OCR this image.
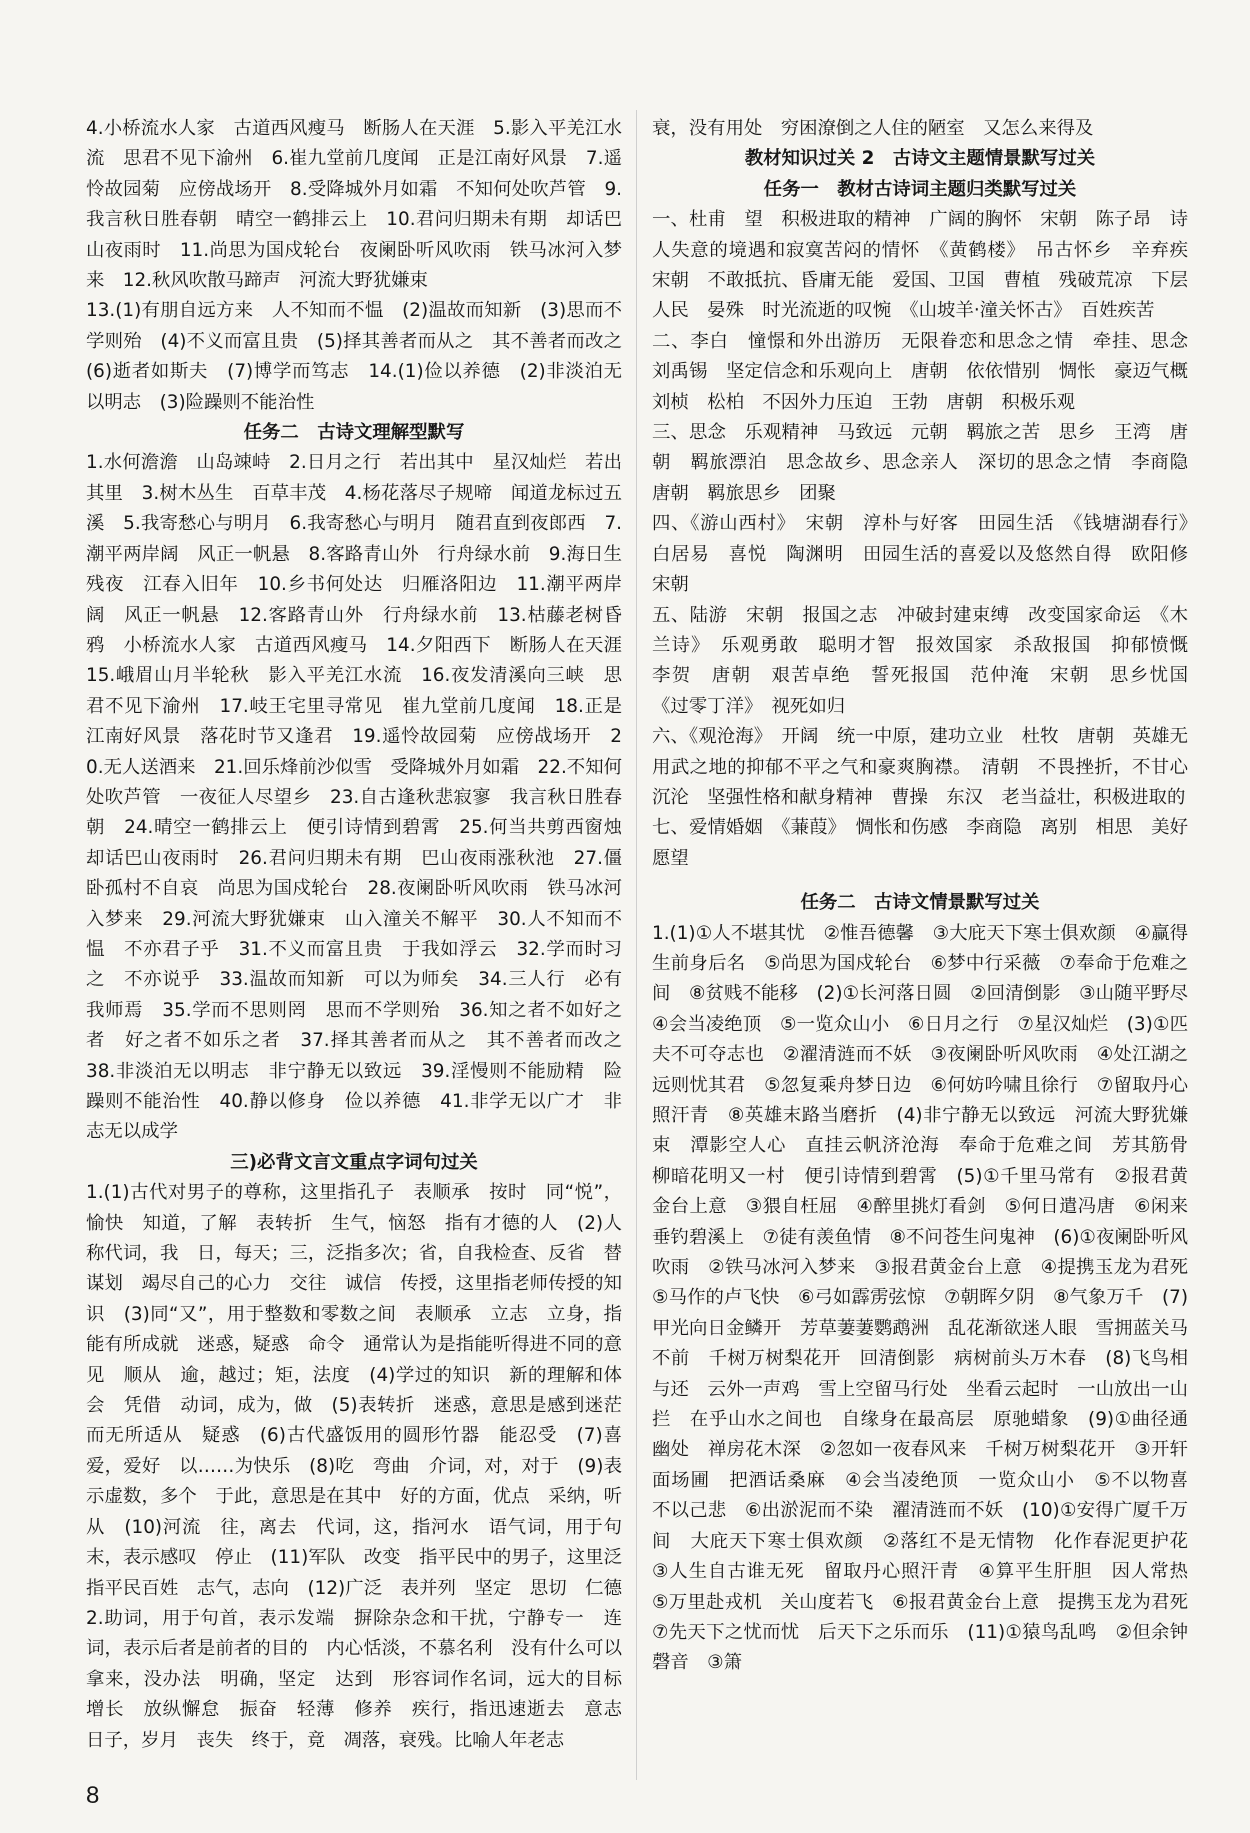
4.小桥流水人家　古道西风瘦马　断肠人在天涯　5.影入平羌江水流　思君不见下渝州　6.崔九堂前几度闻　正是江南好风景　7.遥怜故园菊　应傍战场开　8.受降城外月如霜　不知何处吹芦管　9.我言秋日胜春朝　晴空一鹤排云上　10.君问归期未有期　却话巴山夜雨时　11.尚思为国戍轮台　夜阑卧听风吹雨　铁马冰河入梦来　12.秋风吹散马蹄声　河流大野犹嫌束
13.(1)有朋自远方来　人不知而不愠　(2)温故而知新　(3)思而不学则殆　(4)不义而富且贵　(5)择其善者而从之　其不善者而改之　(6)逝者如斯夫　(7)博学而笃志　14.(1)俭以养德　(2)非淡泊无以明志　(3)险躁则不能治性
任务二　古诗文理解型默写
1.水何澹澹　山岛竦峙　2.日月之行　若出其中　星汉灿烂　若出其里　3.树木丛生　百草丰茂　4.杨花落尽子规啼　闻道龙标过五溪　5.我寄愁心与明月　6.我寄愁心与明月　随君直到夜郎西　7.潮平两岸阔　风正一帆悬　8.客路青山外　行舟绿水前　9.海日生残夜　江春入旧年　10.乡书何处达　归雁洛阳边　11.潮平两岸阔　风正一帆悬　12.客路青山外　行舟绿水前　13.枯藤老树昏鸦　小桥流水人家　古道西风瘦马　14.夕阳西下　断肠人在天涯　15.峨眉山月半轮秋　影入平羌江水流　16.夜发清溪向三峡　思君不见下渝州　17.岐王宅里寻常见　崔九堂前几度闻　18.正是江南好风景　落花时节又逢君　19.遥怜故园菊　应傍战场开　20.无人送酒来　21.回乐烽前沙似雪　受降城外月如霜　22.不知何处吹芦管　一夜征人尽望乡　23.自古逢秋悲寂寥　我言秋日胜春朝　24.晴空一鹤排云上　便引诗情到碧霄　25.何当共剪西窗烛　却话巴山夜雨时　26.君问归期未有期　巴山夜雨涨秋池　27.僵卧孤村不自哀　尚思为国戍轮台　28.夜阑卧听风吹雨　铁马冰河入梦来　29.河流大野犹嫌束　山入潼关不解平　30.人不知而不愠　不亦君子乎　31.不义而富且贵　于我如浮云　32.学而时习之　不亦说乎　33.温故而知新　可以为师矣　34.三人行　必有我师焉　35.学而不思则罔　思而不学则殆　36.知之者不如好之者　好之者不如乐之者　37.择其善者而从之　其不善者而改之　38.非淡泊无以明志　非宁静无以致远　39.淫慢则不能励精　险躁则不能治性　40.静以修身　俭以养德　41.非学无以广才　非志无以成学
三)必背文言文重点字词句过关
1.(1)古代对男子的尊称，这里指孔子　表顺承　按时　同“悦”，愉快　知道，了解　表转折　生气，恼怒　指有才德的人　(2)人称代词，我　日，每天；三，泛指多次；省，自我检查、反省　替　谋划　竭尽自己的心力　交往　诚信　传授，这里指老师传授的知识　(3)同“又”，用于整数和零数之间　表顺承　立志　立身，指能有所成就　迷惑，疑惑　命令　通常认为是指能听得进不同的意见　顺从　逾，越过；矩，法度　(4)学过的知识　新的理解和体会　凭借　动词，成为，做　(5)表转折　迷惑，意思是感到迷茫而无所适从　疑惑　(6)古代盛饭用的圆形竹器　能忍受　(7)喜爱，爱好　以……为快乐　(8)吃　弯曲　介词，对，对于　(9)表示虚数，多个　于此，意思是在其中　好的方面，优点　采纳，听从　(10)河流　往，离去　代词，这，指河水　语气词，用于句末，表示感叹　停止　(11)军队　改变　指平民中的男子，这里泛指平民百姓　志气，志向　(12)广泛　表并列　坚定　思切　仁德　2.助词，用于句首，表示发端　摒除杂念和干扰，宁静专一　连词，表示后者是前者的目的　内心恬淡，不慕名利　没有什么可以拿来，没办法　明确，坚定　达到　形容词作名词，远大的目标　增长　放纵懈怠　振奋　轻薄　修养　疾行，指迅速逝去　意志　日子，岁月　丧失　终于，竟　凋落，衰残。比喻人年老志
衰，没有用处　穷困潦倒之人住的陋室　又怎么来得及
教材知识过关 2　古诗文主题情景默写过关
任务一　教材古诗词主题归类默写过关
一、杜甫　望　积极进取的精神　广阔的胸怀　宋朝　陈子昂　诗人失意的境遇和寂寞苦闷的情怀　《黄鹤楼》　吊古怀乡　辛弃疾　宋朝　不敢抵抗、昏庸无能　爱国、卫国　曹植　残破荒凉　下层人民　晏殊　时光流逝的叹惋　《山坡羊·潼关怀古》　百姓疾苦
二、李白　憧憬和外出游历　无限眷恋和思念之情　牵挂、思念　刘禹锡　坚定信念和乐观向上　唐朝　依依惜别　惆怅　豪迈气概　刘桢　松柏　不因外力压迫　王勃　唐朝　积极乐观
三、思念　乐观精神　马致远　元朝　羁旅之苦　思乡　王湾　唐朝　羁旅漂泊　思念故乡、思念亲人　深切的思念之情　李商隐　唐朝　羁旅思乡　团聚
四、《游山西村》　宋朝　淳朴与好客　田园生活　《钱塘湖春行》　白居易　喜悦　陶渊明　田园生活的喜爱以及悠然自得　欧阳修　宋朝
五、陆游　宋朝　报国之志　冲破封建束缚　改变国家命运　《木兰诗》　乐观勇敢　聪明才智　报效国家　杀敌报国　抑郁愤慨　李贺　唐朝　艰苦卓绝　誓死报国　范仲淹　宋朝　思乡忧国　《过零丁洋》　视死如归
六、《观沧海》　开阔　统一中原，建功立业　杜牧　唐朝　英雄无用武之地的抑郁不平之气和豪爽胸襟。　清朝　不畏挫折，不甘心沉沦　坚强性格和献身精神　曹操　东汉　老当益壮，积极进取的
七、爱情婚姻　《蒹葭》　惆怅和伤感　李商隐　离别　相思　美好愿望
任务二　古诗文情景默写过关
1.(1)①人不堪其忧　②惟吾德馨　③大庇天下寒士俱欢颜　④赢得生前身后名　⑤尚思为国戍轮台　⑥梦中行采薇　⑦奉命于危难之间　⑧贫贱不能移　(2)①长河落日圆　②回清倒影　③山随平野尽　④会当凌绝顶　⑤一览众山小　⑥日月之行　⑦星汉灿烂　(3)①匹夫不可夺志也　②濯清涟而不妖　③夜阑卧听风吹雨　④处江湖之远则忧其君　⑤忽复乘舟梦日边　⑥何妨吟啸且徐行　⑦留取丹心照汗青　⑧英雄末路当磨折　(4)非宁静无以致远　河流大野犹嫌束　潭影空人心　直挂云帆济沧海　奉命于危难之间　芳其筋骨　柳暗花明又一村　便引诗情到碧霄　(5)①千里马常有　②报君黄金台上意　③猥自枉屈　④醉里挑灯看剑　⑤何日遣冯唐　⑥闲来垂钓碧溪上　⑦徒有羡鱼情　⑧不问苍生问鬼神　(6)①夜阑卧听风吹雨　②铁马冰河入梦来　③报君黄金台上意　④提携玉龙为君死　⑤马作的卢飞快　⑥弓如霹雳弦惊　⑦朝晖夕阴　⑧气象万千　(7)甲光向日金鳞开　芳草萋萋鹦鹉洲　乱花渐欲迷人眼　雪拥蓝关马不前　千树万树梨花开　回清倒影　病树前头万木春　(8)飞鸟相与还　云外一声鸡　雪上空留马行处　坐看云起时　一山放出一山拦　在乎山水之间也　自缘身在最高层　原驰蜡象　(9)①曲径通幽处　禅房花木深　②忽如一夜春风来　千树万树梨花开　③开轩面场圃　把酒话桑麻　④会当凌绝顶　一览众山小　⑤不以物喜　不以己悲　⑥出淤泥而不染　濯清涟而不妖　(10)①安得广厦千万间　大庇天下寒士俱欢颜　②落红不是无情物　化作春泥更护花　③人生自古谁无死　留取丹心照汗青　④算平生肝胆　因人常热　⑤万里赴戎机　关山度若飞　⑥报君黄金台上意　提携玉龙为君死　⑦先天下之忧而忧　后天下之乐而乐　(11)①猿鸟乱鸣　②但余钟磬音　③箫
8
